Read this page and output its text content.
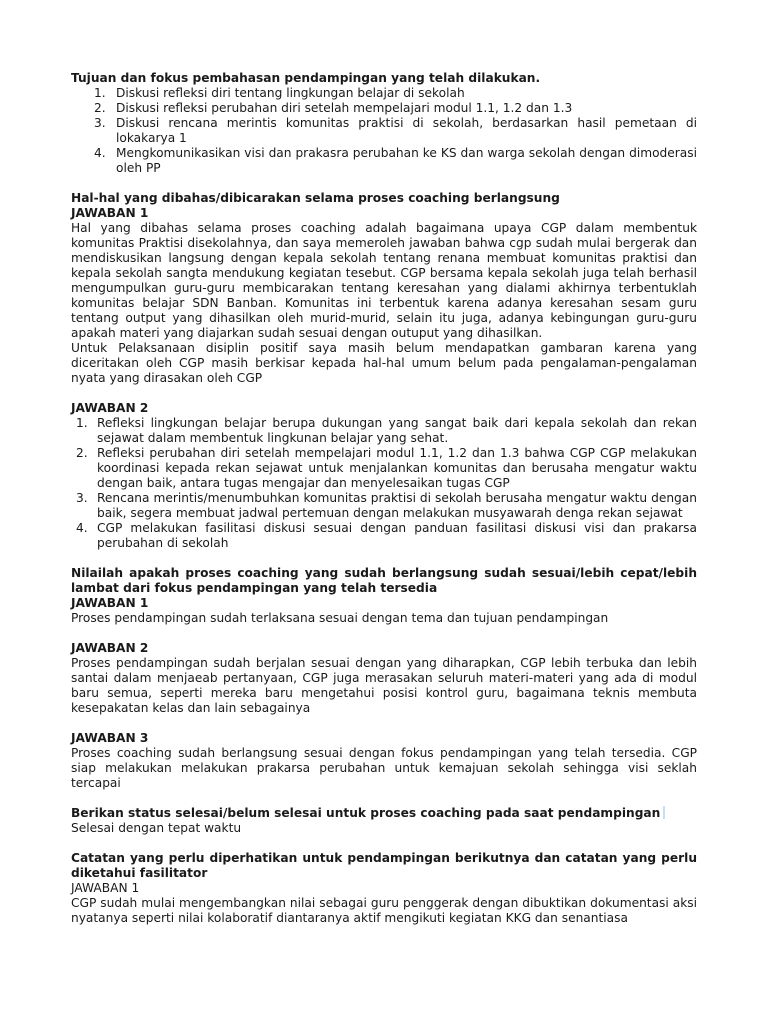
Tujuan dan fokus pembahasan pendampingan yang telah dilakukan.

1. Diskusi refleksi diri tentang lingkungan belajar di sekolah
2. Diskusi refleksi perubahan diri setelah mempelajari modul 1.1, 1.2 dan 1.3
3. Diskusi rencana merintis komunitas praktisi di sekolah, berdasarkan hasil pemetaan di lokakarya 1
4. Mengkomunikasikan visi dan prakasra perubahan ke KS dan warga sekolah dengan dimoderasi oleh PP

Hal-hal yang dibahas/dibicarakan selama proses coaching berlangsung

JAWABAN 1

Hal yang dibahas selama proses coaching adalah bagaimana upaya CGP dalam membentuk komunitas Praktisi disekolahnya, dan saya memeroleh jawaban bahwa cgp sudah mulai bergerak dan mendiskusikan langsung dengan kepala sekolah tentang renana membuat komunitas praktisi dan kepala sekolah sangta mendukung kegiatan tesebut. CGP bersama kepala sekolah juga telah berhasil mengumpulkan guru-guru membicarakan tentang keresahan yang dialami akhirnya terbentuklah komunitas belajar SDN Banban. Komunitas ini terbentuk karena adanya keresahan sesam guru tentang output yang dihasilkan oleh murid-murid, selain itu juga, adanya kebingungan guru-guru apakah materi yang diajarkan sudah sesuai dengan outuput yang dihasilkan.

Untuk Pelaksanaan disiplin positif saya masih belum mendapatkan gambaran karena yang diceritakan oleh CGP masih berkisar kepada hal-hal umum belum pada pengalaman-pengalaman nyata yang dirasakan oleh CGP

JAWABAN 2

1. Refleksi lingkungan belajar berupa dukungan yang sangat baik dari kepala sekolah dan rekan sejawat dalam membentuk lingkunan belajar yang sehat.
2. Refleksi perubahan diri setelah mempelajari modul 1.1, 1.2 dan 1.3 bahwa CGP CGP melakukan koordinasi kepada rekan sejawat untuk menjalankan komunitas dan berusaha mengatur waktu dengan baik, antara tugas mengajar dan menyelesaikan tugas CGP
3. Rencana merintis/menumbuhkan komunitas praktisi di sekolah berusaha mengatur waktu dengan baik, segera membuat jadwal pertemuan dengan melakukan musyawarah denga rekan sejawat
4. CGP melakukan fasilitasi diskusi sesuai dengan panduan fasilitasi diskusi visi dan prakarsa perubahan di sekolah

Nilailah apakah proses coaching yang sudah berlangsung sudah sesuai/lebih cepat/lebih lambat dari fokus pendampingan yang telah tersedia

JAWABAN 1

Proses pendampingan sudah terlaksana sesuai dengan tema dan tujuan pendampingan

JAWABAN 2

Proses pendampingan sudah berjalan sesuai dengan yang diharapkan, CGP lebih terbuka dan lebih santai dalam menjaeab pertanyaan, CGP juga merasakan seluruh materi-materi yang ada di modul baru semua, seperti mereka baru mengetahui posisi kontrol guru, bagaimana teknis membuta kesepakatan kelas dan lain sebagainya

JAWABAN 3

Proses coaching sudah berlangsung sesuai dengan fokus pendampingan yang telah tersedia. CGP siap melakukan melakukan prakarsa perubahan untuk kemajuan sekolah sehingga visi seklah tercapai

Berikan status selesai/belum selesai untuk proses coaching pada saat pendampingan

Selesai dengan tepat waktu

Catatan yang perlu diperhatikan untuk pendampingan berikutnya dan catatan yang perlu diketahui fasilitator

JAWABAN 1

CGP sudah mulai mengembangkan nilai sebagai guru penggerak dengan dibuktikan dokumentasi aksi nyatanya seperti nilai kolaboratif diantaranya aktif mengikuti kegiatan KKG dan senantiasa
